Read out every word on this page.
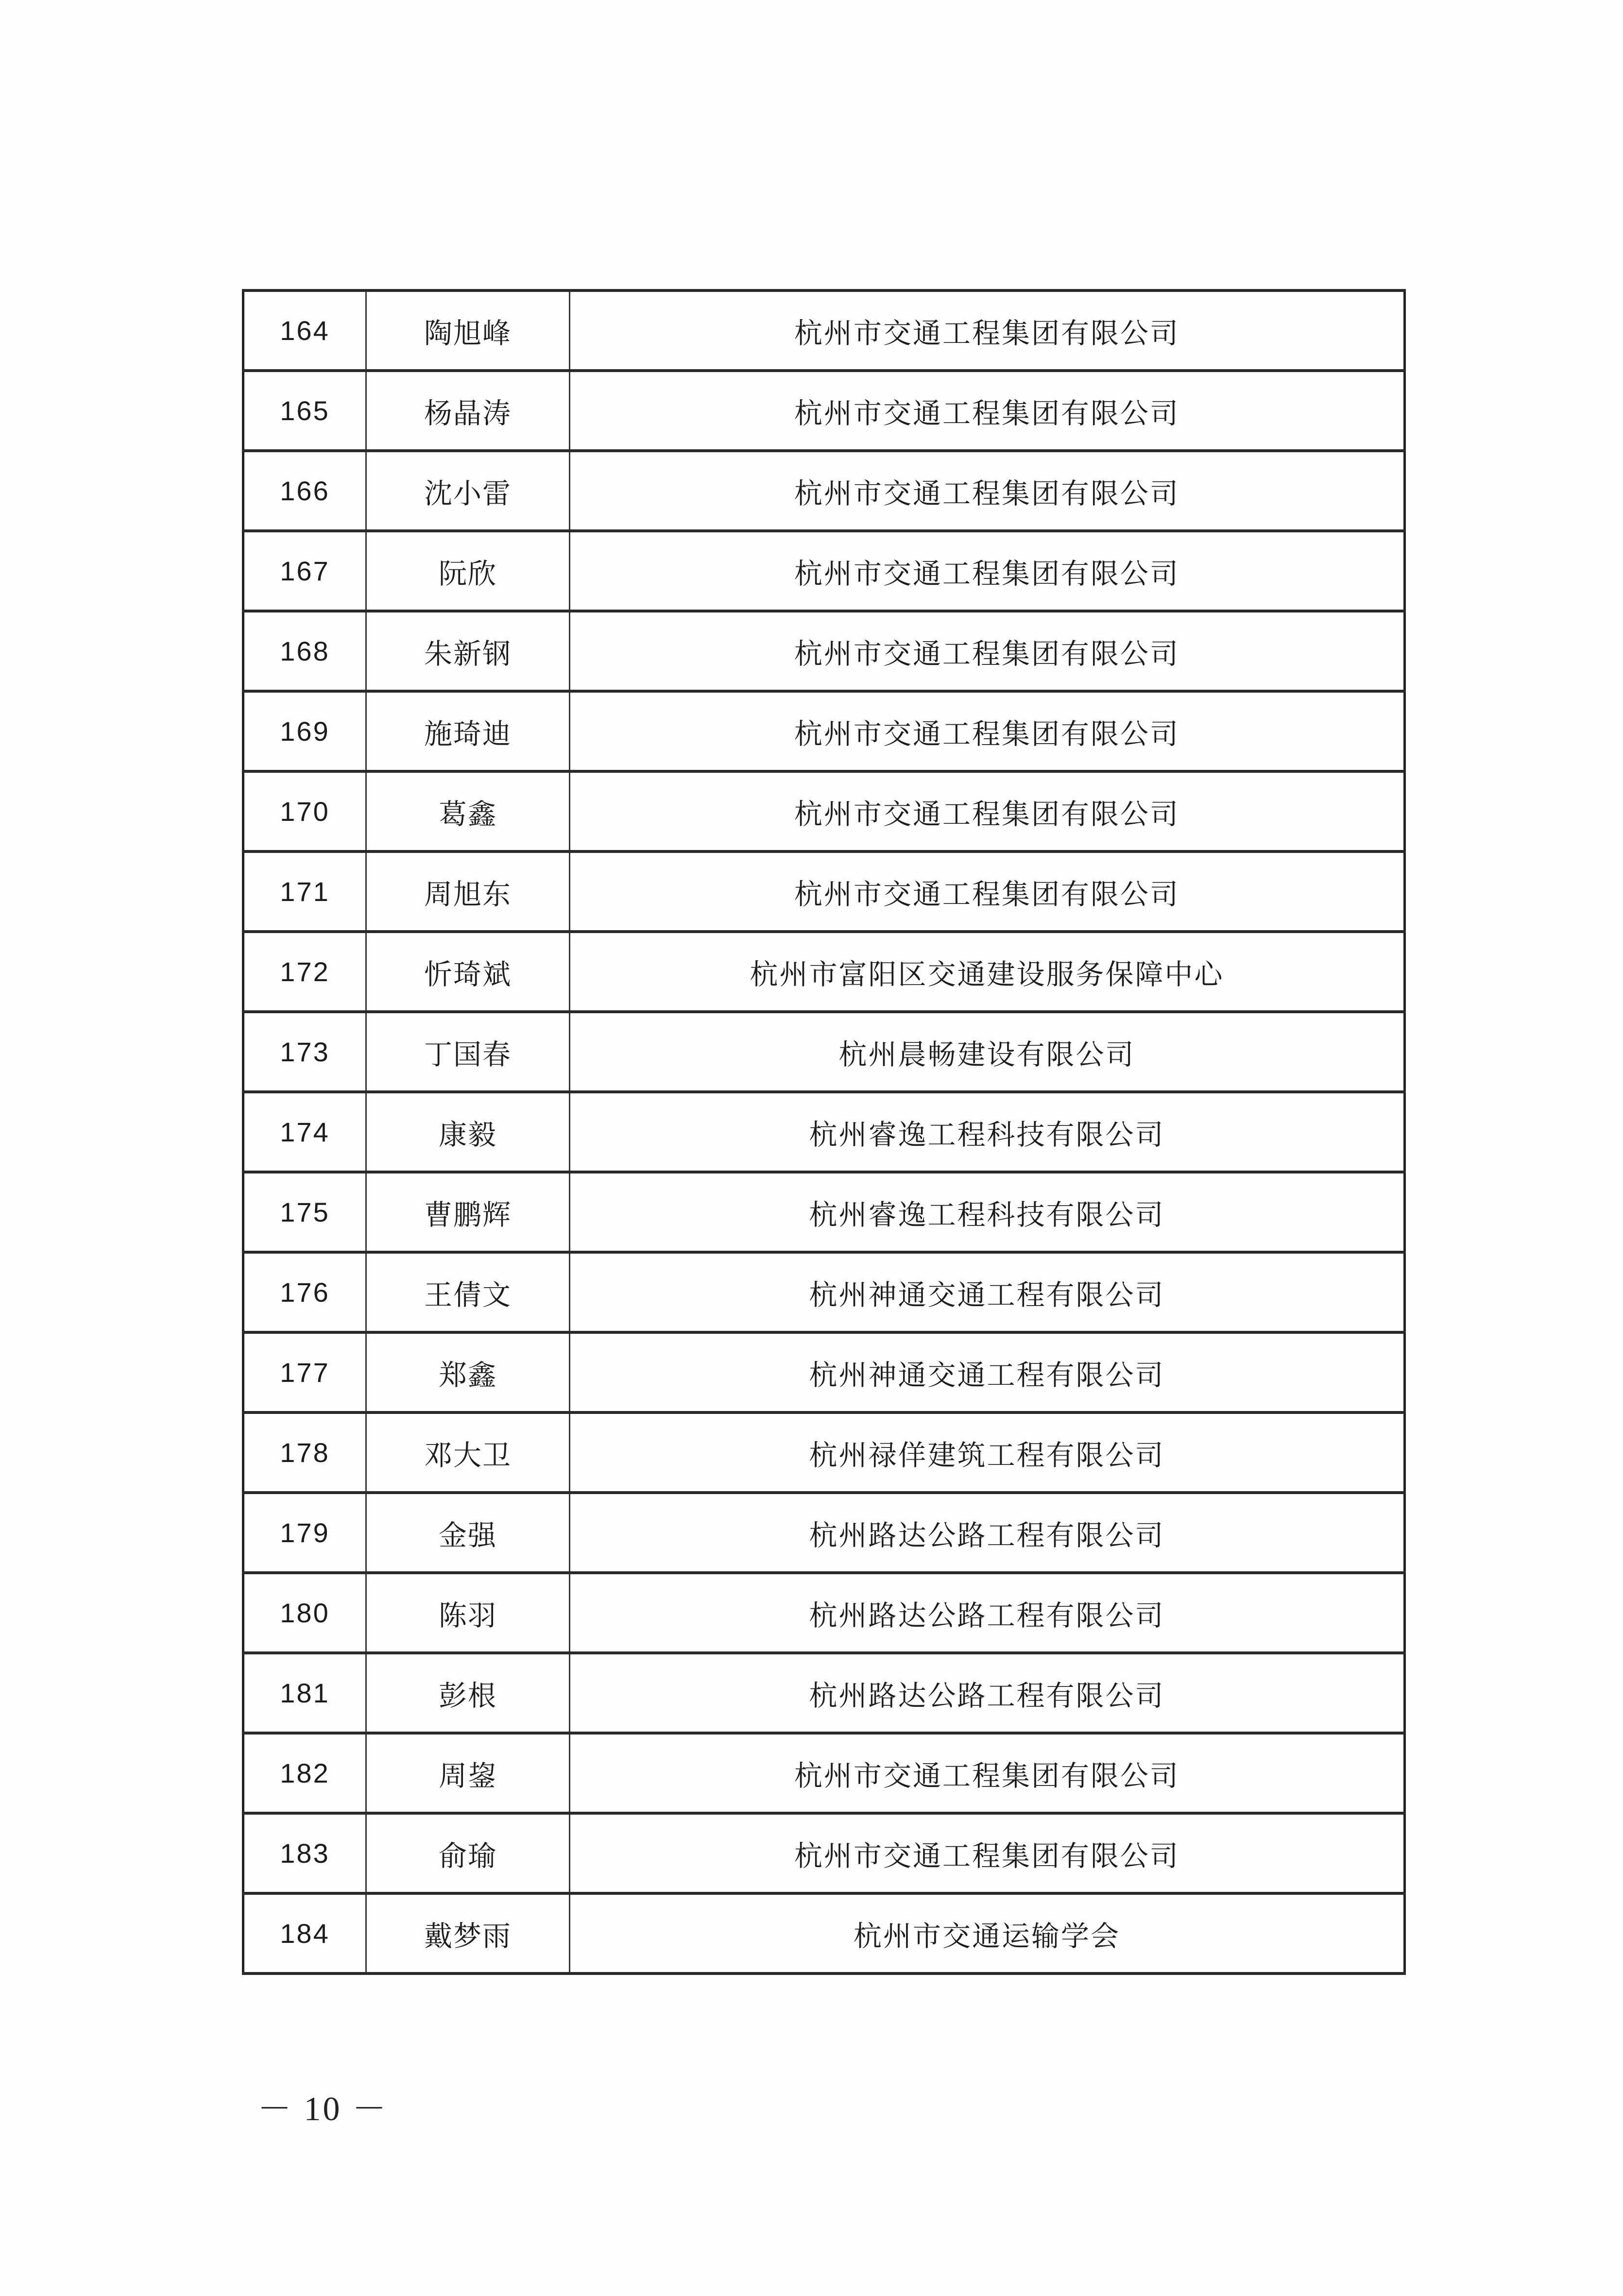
164	陶旭峰	杭州市交通工程集团有限公司
165	杨晶涛	杭州市交通工程集团有限公司
166	沈小雷	杭州市交通工程集团有限公司
167	阮欣	杭州市交通工程集团有限公司
168	朱新钢	杭州市交通工程集团有限公司
169	施琦迪	杭州市交通工程集团有限公司
170	葛鑫	杭州市交通工程集团有限公司
171	周旭东	杭州市交通工程集团有限公司
172	忻琦斌	杭州市富阳区交通建设服务保障中心
173	丁国春	杭州晨畅建设有限公司
174	康毅	杭州睿逸工程科技有限公司
175	曹鹏辉	杭州睿逸工程科技有限公司
176	王倩文	杭州神通交通工程有限公司
177	郑鑫	杭州神通交通工程有限公司
178	邓大卫	杭州禄佯建筑工程有限公司
179	金强	杭州路达公路工程有限公司
180	陈羽	杭州路达公路工程有限公司
181	彭根	杭州路达公路工程有限公司
182	周鋆	杭州市交通工程集团有限公司
183	俞瑜	杭州市交通工程集团有限公司
184	戴梦雨	杭州市交通运输学会
－ 10 －
